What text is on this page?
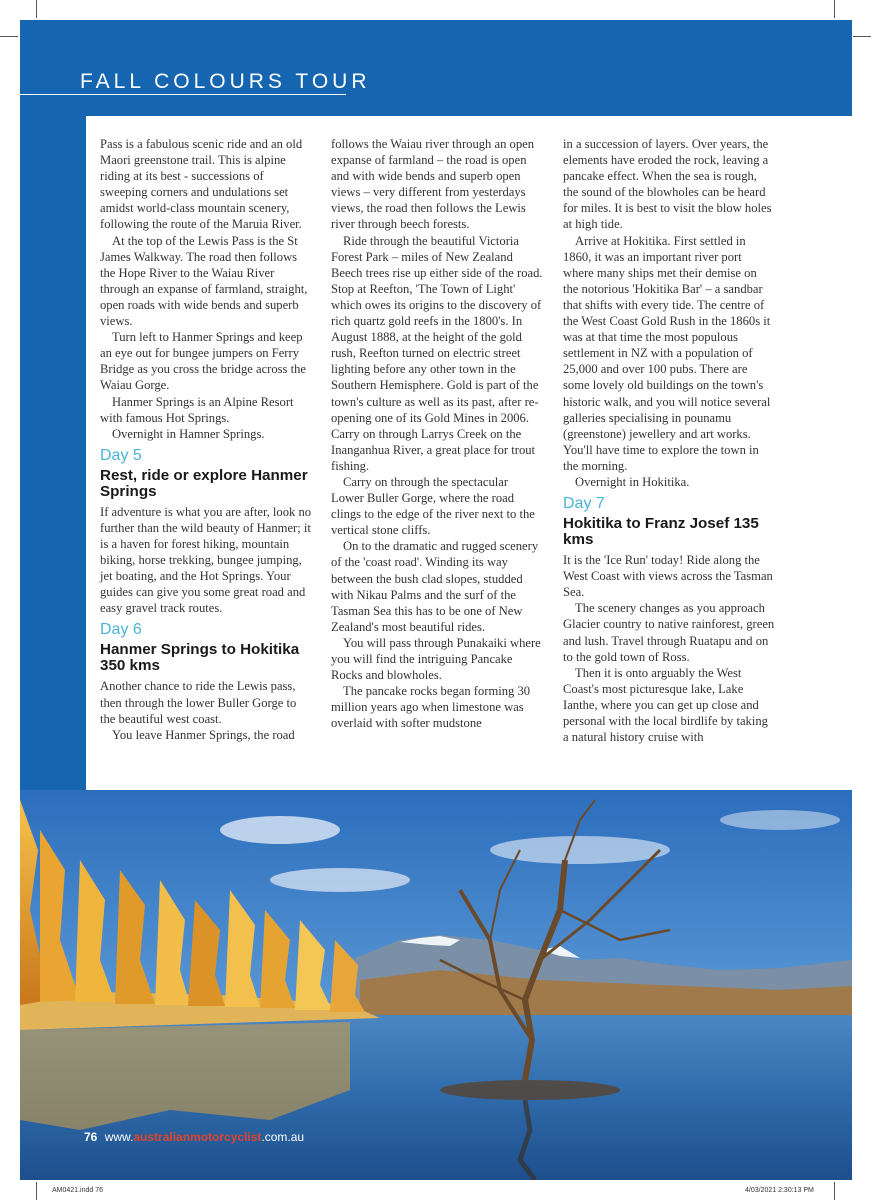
FALL COLOURS TOUR

Pass is a fabulous scenic ride and an old Maori greenstone trail. This is alpine riding at its best - successions of sweeping corners and undulations set amidst world-class mountain scenery, following the route of the Maruia River.

At the top of the Lewis Pass is the St James Walkway. The road then follows the Hope River to the Waiau River through an expanse of farmland, straight, open roads with wide bends and superb views.

Turn left to Hanmer Springs and keep an eye out for bungee jumpers on Ferry Bridge as you cross the bridge across the Waiau Gorge.

Hanmer Springs is an Alpine Resort with famous Hot Springs.

Overnight in Hamner Springs.

Day 5
Rest, ride or explore Hanmer Springs

If adventure is what you are after, look no further than the wild beauty of Hanmer; it is a haven for forest hiking, mountain biking, horse trekking, bungee jumping, jet boating, and the Hot Springs. Your guides can give you some great road and easy gravel track routes.

Day 6
Hanmer Springs to Hokitika 350 kms

Another chance to ride the Lewis pass, then through the lower Buller Gorge to the beautiful west coast.

You leave Hanmer Springs, the road

follows the Waiau river through an open expanse of farmland – the road is open and with wide bends and superb open views – very different from yesterdays views, the road then follows the Lewis river through beech forests.

Ride through the beautiful Victoria Forest Park – miles of New Zealand Beech trees rise up either side of the road. Stop at Reefton, 'The Town of Light' which owes its origins to the discovery of rich quartz gold reefs in the 1800's. In August 1888, at the height of the gold rush, Reefton turned on electric street lighting before any other town in the Southern Hemisphere. Gold is part of the town's culture as well as its past, after re-opening one of its Gold Mines in 2006. Carry on through Larrys Creek on the Inanganhua River, a great place for trout fishing.

Carry on through the spectacular Lower Buller Gorge, where the road clings to the edge of the river next to the vertical stone cliffs.

On to the dramatic and rugged scenery of the 'coast road'. Winding its way between the bush clad slopes, studded with Nikau Palms and the surf of the Tasman Sea this has to be one of New Zealand's most beautiful rides.

You will pass through Punakaiki where you will find the intriguing Pancake Rocks and blowholes.

The pancake rocks began forming 30 million years ago when limestone was overlaid with softer mudstone

in a succession of layers. Over years, the elements have eroded the rock, leaving a pancake effect. When the sea is rough, the sound of the blowholes can be heard for miles. It is best to visit the blow holes at high tide.

Arrive at Hokitika. First settled in 1860, it was an important river port where many ships met their demise on the notorious 'Hokitika Bar' – a sandbar that shifts with every tide. The centre of the West Coast Gold Rush in the 1860s it was at that time the most populous settlement in NZ with a population of 25,000 and over 100 pubs. There are some lovely old buildings on the town's historic walk, and you will notice several galleries specialising in pounamu (greenstone) jewellery and art works. You'll have time to explore the town in the morning.

Overnight in Hokitika.

Day 7
Hokitika to Franz Josef 135 kms

It is the 'Ice Run' today! Ride along the West Coast with views across the Tasman Sea.

The scenery changes as you approach Glacier country to native rainforest, green and lush. Travel through Ruatapu and on to the gold town of Ross.

Then it is onto arguably the West Coast's most picturesque lake, Lake Ianthe, where you can get up close and personal with the local birdlife by taking a natural history cruise with

76 www.australianmotorcyclist.com.au
AM0421.indd 76	4/03/2021 2:30:13 PM
